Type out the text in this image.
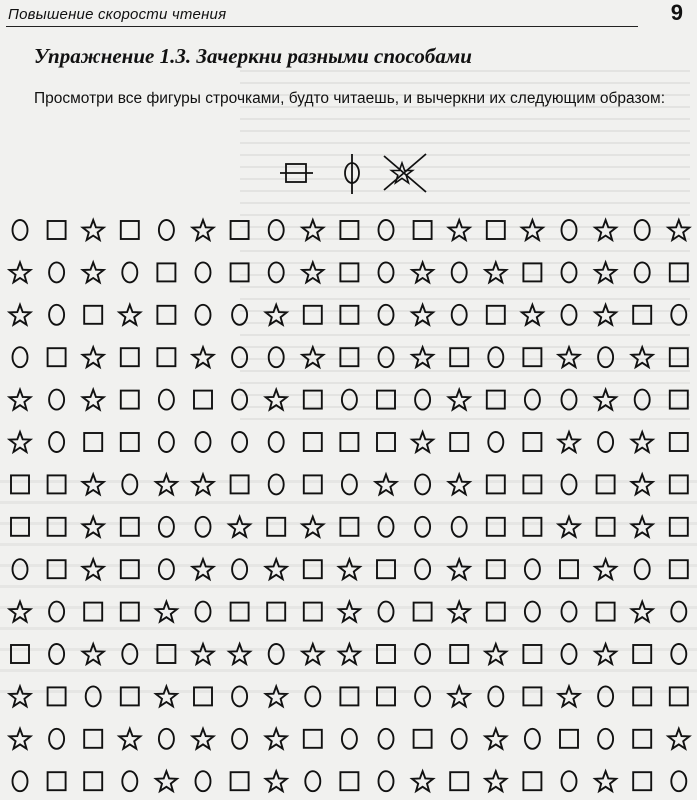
Повышение скорости чтения	9
Упражнение 1.3. Зачеркни разными способами
Просмотри все фигуры строчками, будто читаешь, и вычеркни их следующим образом:
